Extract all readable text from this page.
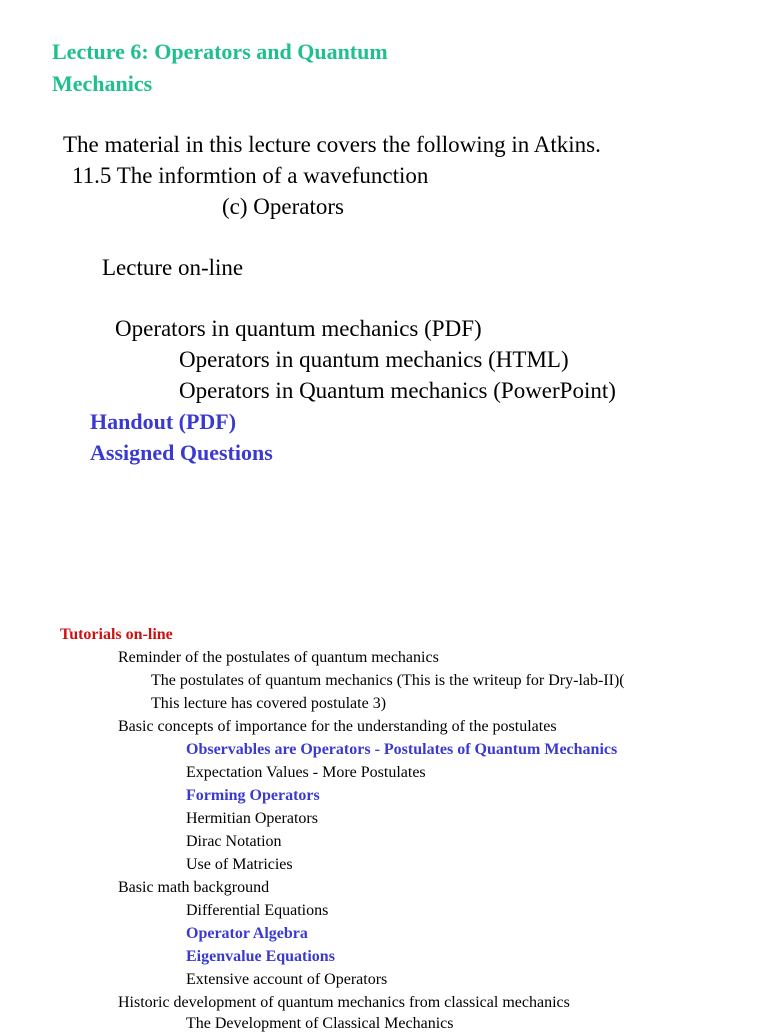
Lecture 6: Operators and Quantum
Mechanics
The material in this lecture covers the following in Atkins.
11.5 The informtion of a wavefunction
(c) Operators
Lecture on-line
Operators in quantum mechanics (PDF)
Operators in quantum mechanics (HTML)
Operators in Quantum mechanics (PowerPoint)
Handout (PDF)
Assigned Questions
Tutorials on-line
Reminder of the postulates of quantum mechanics
The postulates of quantum mechanics (This is the writeup for Dry-lab-II)(
This lecture has covered postulate 3)
Basic concepts of importance for the understanding of the postulates
Observables are Operators - Postulates of Quantum Mechanics
Expectation Values - More Postulates
Forming Operators
Hermitian Operators
Dirac Notation
Use of Matricies
Basic math background
Differential Equations
Operator Algebra
Eigenvalue Equations
Extensive account of Operators
Historic development of quantum mechanics from classical mechanics
The Development of Classical Mechanics
